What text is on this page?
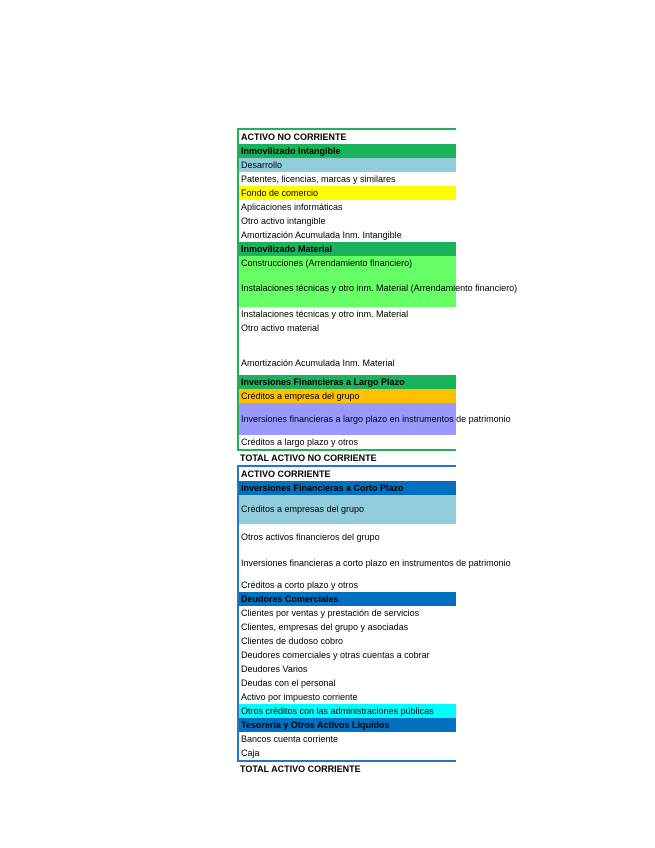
ACTIVO NO CORRIENTE
Inmovilizado Intangible
Desarrollo
Patentes, licencias, marcas y similares
Fondo de comercio
Aplicaciones informáticas
Otro activo intangible
Amortización Acumulada Inm. Intangible
Inmovilizado Material
Construcciones (Arrendamiento financiero)
Instalaciones técnicas y otro inm. Material (Arrendamiento financiero)
Instalaciones técnicas y otro inm. Material
Otro activo material
Amortización Acumulada Inm. Material
Inversiones Financieras a Largo Plazo
Créditos a empresa del grupo
Inversiones financieras a largo plazo en instrumentos de patrimonio
Créditos a largo plazo y otros
TOTAL ACTIVO NO CORRIENTE
ACTIVO CORRIENTE
Inversiones Financieras a Corto Plazo
Créditos a empresas del grupo
Otros activos financieros del grupo
Inversiones financieras a corto plazo en instrumentos de patrimonio
Créditos a corto plazo y otros
Deudores Comerciales
Clientes por ventas y prestación de servicios
Clientes, empresas del grupo y asociadas
Clientes de dudoso cobro
Deudores comerciales y otras cuentas a cobrar
Deudores Varios
Deudas con el personal
Activo por impuesto corriente
Otros créditos con las administraciones públicas
Tesorería y Otros Activos Líquidos
Bancos cuenta corriente
Caja
TOTAL ACTIVO CORRIENTE
